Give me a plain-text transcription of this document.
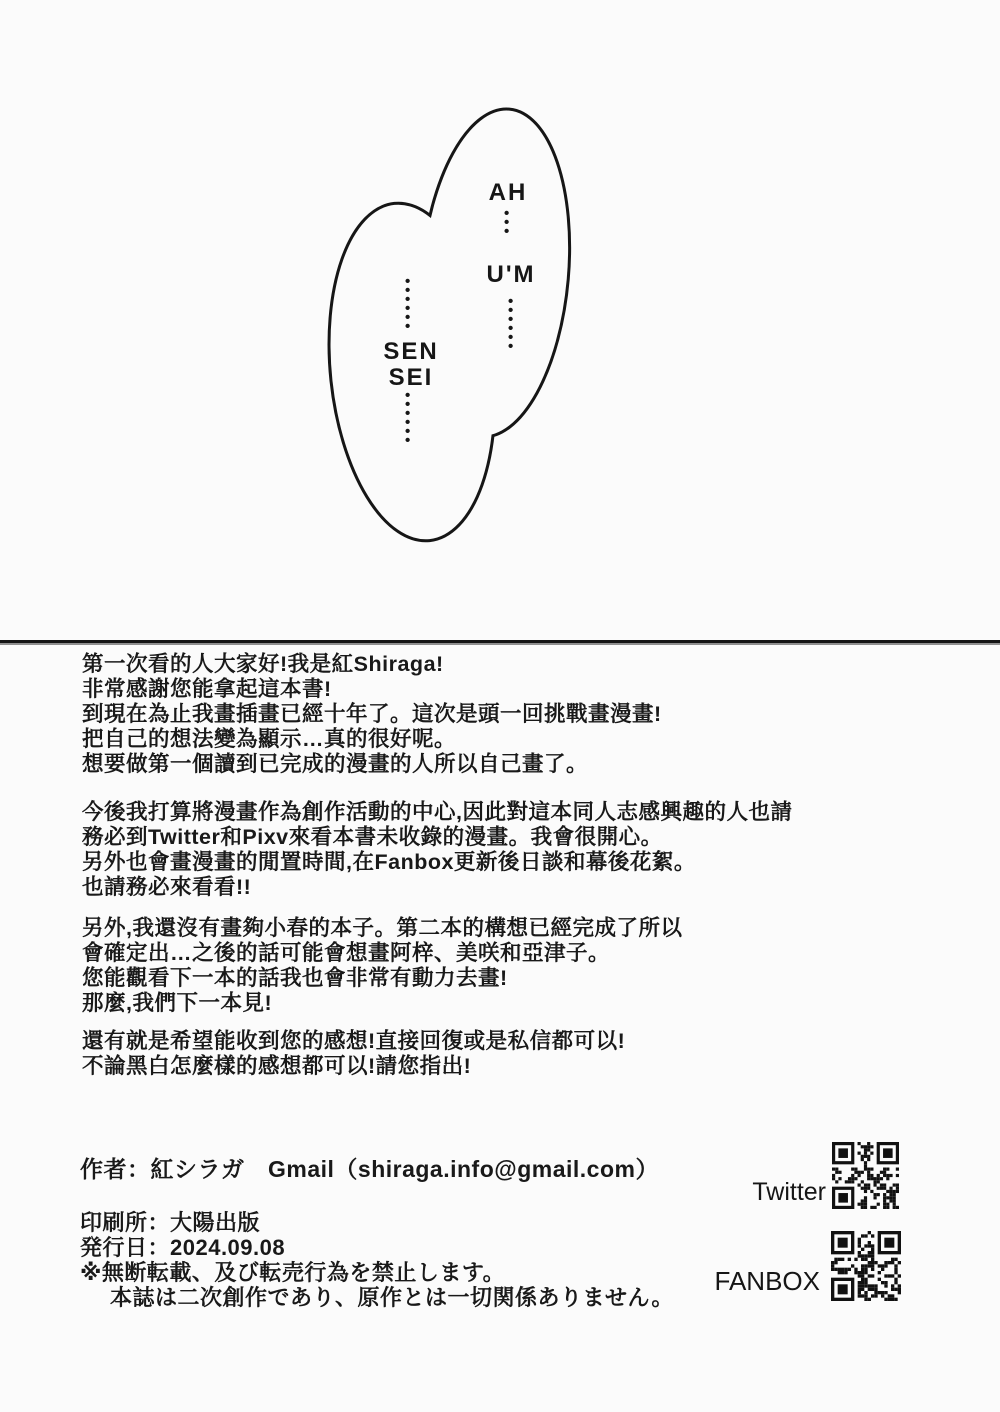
AH
•••
U'M
••••••
••••••
SEN
SEI
••••••
第一次看的人大家好!我是紅Shiraga!
非常感謝您能拿起這本書!
到現在為止我畫插畫已經十年了。這次是頭一回挑戰畫漫畫!
把自己的想法變為顯示…真的很好呢。
想要做第一個讀到已完成的漫畫的人所以自己畫了。
今後我打算將漫畫作為創作活動的中心,因此對這本同人志感興趣的人也請
務必到Twitter和Pixv來看本書未收錄的漫畫。我會很開心。
另外也會畫漫畫的閒置時間,在Fanbox更新後日談和幕後花絮。
也請務必來看看!!
另外,我還沒有畫夠小春的本子。第二本的構想已經完成了所以
會確定出…之後的話可能會想畫阿梓、美咲和亞津子。
您能觀看下一本的話我也會非常有動力去畫!
那麼,我們下一本見!
還有就是希望能收到您的感想!直接回復或是私信都可以!
不論黑白怎麼樣的感想都可以!請您指出!
作者：紅シラガ　Gmail（shiraga.info@gmail.com）
印刷所：大陽出版
発行日：2024.09.08
※無断転載、及び転売行為を禁止します。
本誌は二次創作であり、原作とは一切関係ありません。
Twitter
FANBOX
